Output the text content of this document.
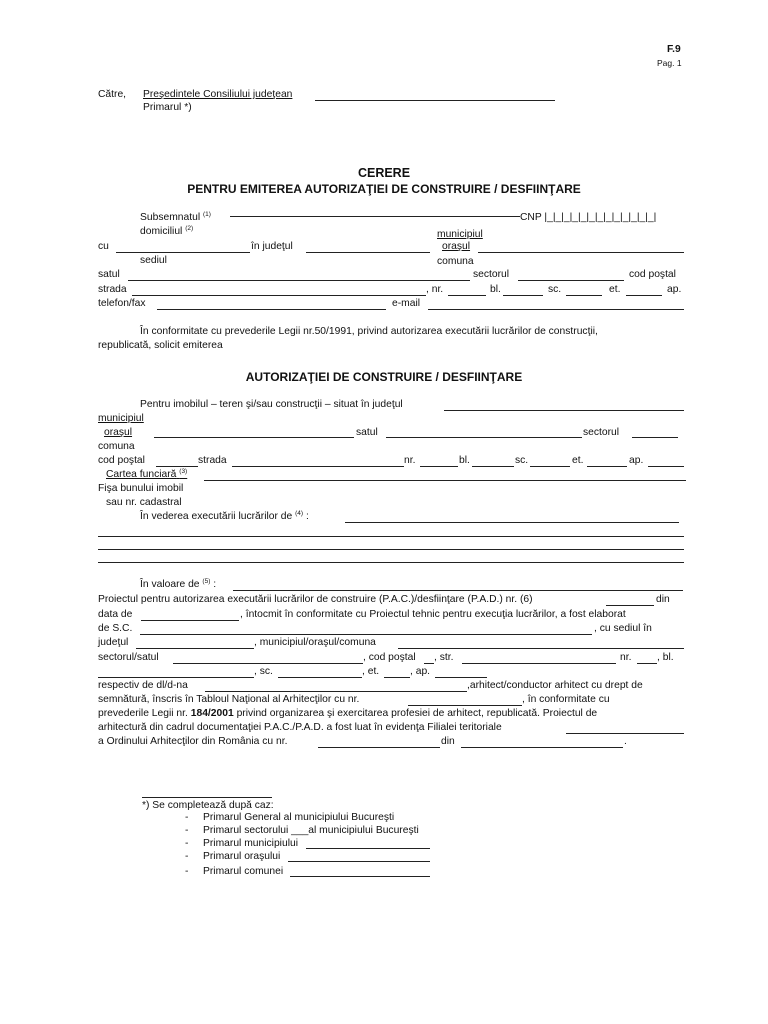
F.9
Pag. 1
Către, Preşedintele Consiliului judeţean
Primarul *)
CERERE
PENTRU EMITEREA AUTORIZAŢIEI DE CONSTRUIRE / DESFIINŢARE
Subsemnatul $^{(1)}$	CNP |_|_|_|_|_|_|_|_|_|_|_|_|_|
domiciliul $^{(2)}$
municipiul
cu	în judeţul	oraşul
sediul	comuna
satul	sectorul	cod poştal
strada	, nr.	bl.	sc.	et.	ap.
telefon/fax	e-mail
În conformitate cu prevederile Legii nr.50/1991, privind autorizarea executării lucrărilor de construcţii,
republicată, solicit emiterea
AUTORIZAŢIEI DE CONSTRUIRE / DESFIINŢARE
Pentru imobilul – teren şi/sau construcţii – situat în judeţul
municipiul
oraşul	satul	sectorul
comuna
cod poştal	strada	nr.	bl.	sc.	et.	ap.
Cartea funciară $^{(3)}$
Fişa bunului imobil
sau nr. cadastral
În vederea executării lucrărilor de $^{(4)}$ :
În valoare de $^{(5)}$ :
Proiectul pentru autorizarea executării lucrărilor de construire (P.A.C.)/desfiinţare (P.A.D.) nr. (6)	din
data de	, întocmit în conformitate cu Proiectul tehnic pentru execuţia lucrărilor, a fost elaborat
de S.C.	, cu sediul în
judeţul	, municipiul/oraşul/comuna
sectorul/satul	, cod poştal , str.	nr. , bl.
, sc.	, et.	, ap.
respectiv de dl/d-na	,arhitect/conductor arhitect cu drept de
semnătură, înscris în Tabloul Naţional al Arhitecţilor cu nr.	, în conformitate cu
prevederile Legii nr. 184/2001 privind organizarea şi exercitarea profesiei de arhitect, republicată. Proiectul de
arhitectură din cadrul documentaţiei P.A.C./P.A.D. a fost luat în evidenţa Filialei teritoriale
a Ordinului Arhitecţilor din România cu nr.	din	.
*) Se completează după caz:
- Primarul General al municipiului Bucureşti
- Primarul sectorului ___al municipiului Bucureşti
- Primarul municipiului
- Primarul oraşului
- Primarul comunei
